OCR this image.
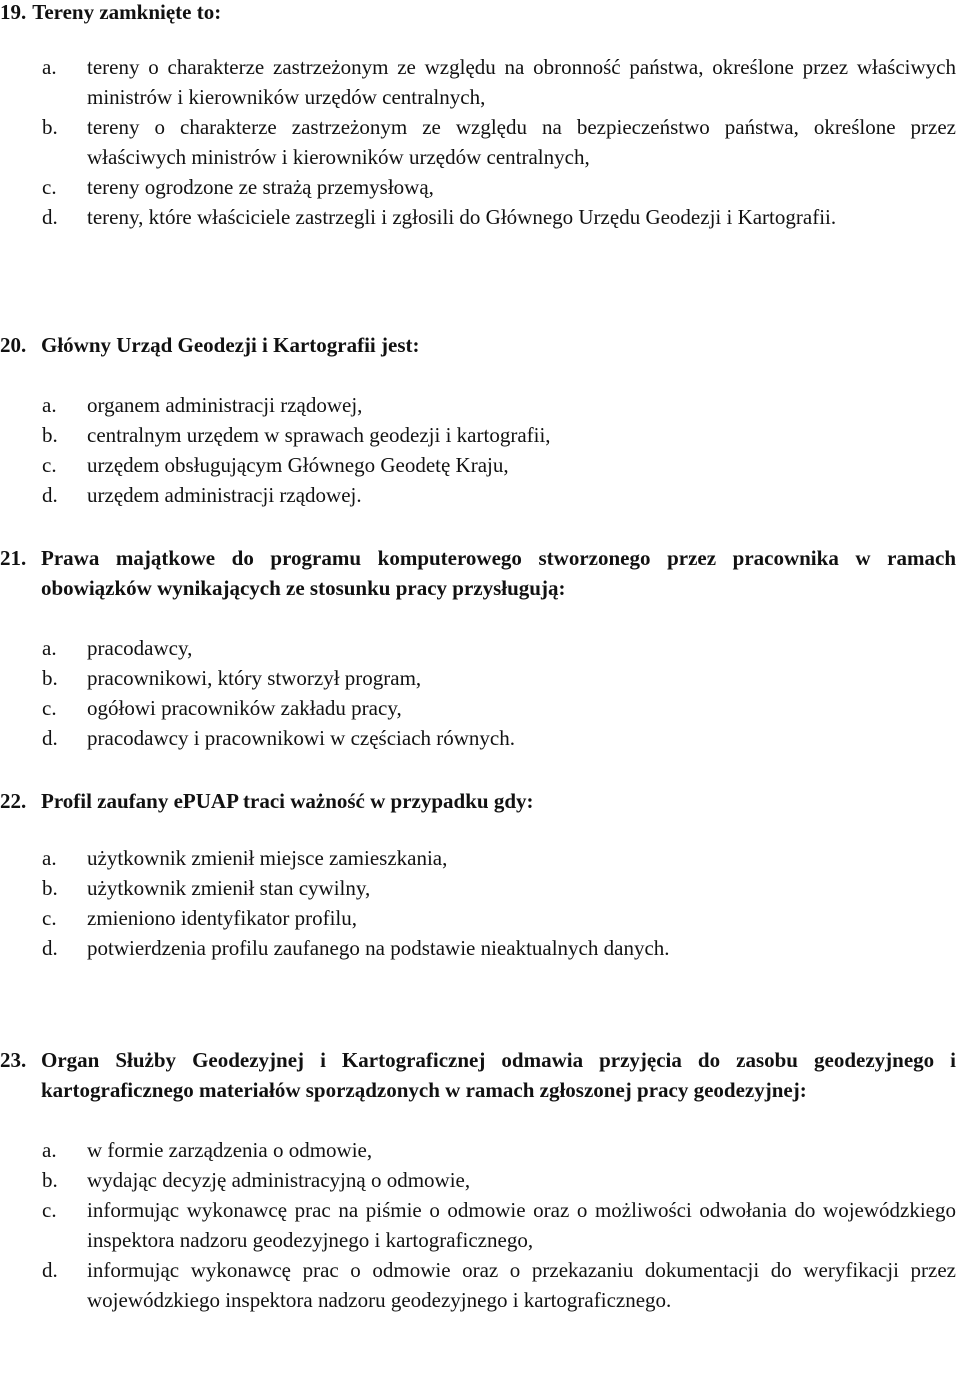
19. Tereny zamknięte to:
a.	tereny o charakterze zastrzeżonym ze względu na obronność państwa, określone przez właściwych ministrów i kierowników urzędów centralnych,
b.	tereny o charakterze zastrzeżonym ze względu na bezpieczeństwo państwa, określone przez właściwych ministrów i kierowników urzędów centralnych,
c.	tereny ogrodzone ze strażą przemysłową,
d.	tereny, które właściciele zastrzegli i zgłosili do Głównego Urzędu Geodezji i Kartografii.
20. Główny Urząd Geodezji i Kartografii jest:
a.	organem administracji rządowej,
b.	centralnym urzędem w sprawach geodezji i kartografii,
c.	urzędem obsługującym Głównego Geodetę Kraju,
d.	urzędem administracji rządowej.
21. Prawa majątkowe do programu komputerowego stworzonego przez pracownika w ramach obowiązków wynikających ze stosunku pracy przysługują:
a.	pracodawcy,
b.	pracownikowi, który stworzył program,
c.	ogółowi pracowników zakładu pracy,
d.	pracodawcy i pracownikowi w częściach równych.
22. Profil zaufany ePUAP traci ważność w przypadku gdy:
a.	użytkownik zmienił miejsce zamieszkania,
b.	użytkownik zmienił stan cywilny,
c.	zmieniono identyfikator profilu,
d.	potwierdzenia profilu zaufanego na podstawie nieaktualnych danych.
23. Organ Służby Geodezyjnej i Kartograficznej odmawia przyjęcia do zasobu geodezyjnego i kartograficznego materiałów sporządzonych w ramach zgłoszonej pracy geodezyjnej:
a.	w formie zarządzenia o odmowie,
b.	wydając decyzję administracyjną o odmowie,
c.	informując wykonawcę prac na piśmie o odmowie oraz o możliwości odwołania do wojewódzkiego inspektora nadzoru geodezyjnego i kartograficznego,
d.	informując wykonawcę prac o odmowie oraz o przekazaniu dokumentacji do weryfikacji przez wojewódzkiego inspektora nadzoru geodezyjnego i kartograficznego.
